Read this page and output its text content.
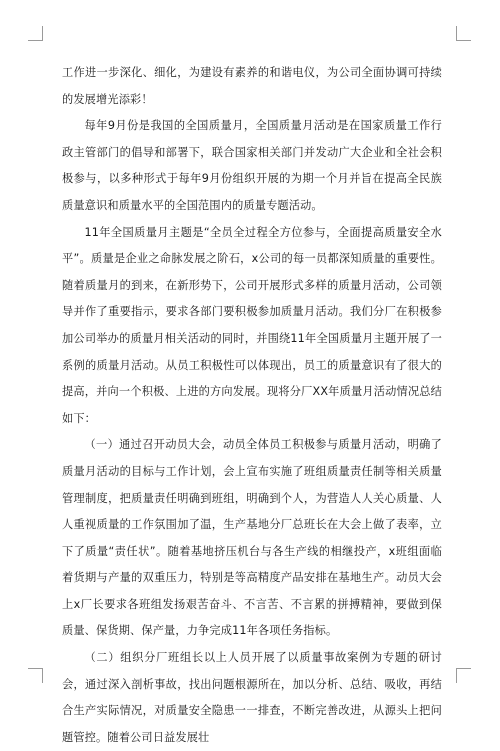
工作进一步深化、细化，为建设有素养的和谐电仪，为公司全面协调可持续的发展增光添彩！

每年9月份是我国的全国质量月，全国质量月活动是在国家质量工作行政主管部门的倡导和部署下，联合国家相关部门并发动广大企业和全社会积极参与，以多种形式于每年9月份组织开展的为期一个月并旨在提高全民族质量意识和质量水平的全国范围内的质量专题活动。

11年全国质量月主题是“全员全过程全方位参与，全面提高质量安全水平”。质量是企业之命脉发展之阶石，x公司的每一员都深知质量的重要性。随着质量月的到来，在新形势下，公司开展形式多样的质量月活动，公司领导并作了重要指示，要求各部门要积极参加质量月活动。我们分厂在积极参加公司举办的质量月相关活动的同时，并围绕11年全国质量月主题开展了一系例的质量月活动。从员工积极性可以体现出，员工的质量意识有了很大的提高，并向一个积极、上进的方向发展。现将分厂XX年质量月活动情况总结如下：

（一）通过召开动员大会，动员全体员工积极参与质量月活动，明确了质量月活动的目标与工作计划，会上宣布实施了班组质量责任制等相关质量管理制度，把质量责任明确到班组，明确到个人，为营造人人关心质量、人人重视质量的工作氛围加了温，生产基地分厂总班长在大会上做了表率，立下了质量“责任状”。随着基地挤压机台与各生产线的相继投产，x班组面临着货期与产量的双重压力，特别是等高精度产品安排在基地生产。动员大会上x厂长要求各班组发扬艰苦奋斗、不言苦、不言累的拼搏精神，要做到保质量、保货期、保产量，力争完成11年各项任务指标。

（二）组织分厂班组长以上人员开展了以质量事故案例为专题的研讨会，通过深入剖析事故，找出问题根源所在，加以分析、总结、吸收，再结合生产实际情况，对质量安全隐患一一排查，不断完善改进，从源头上把问题管控。随着公司日益发展壮
